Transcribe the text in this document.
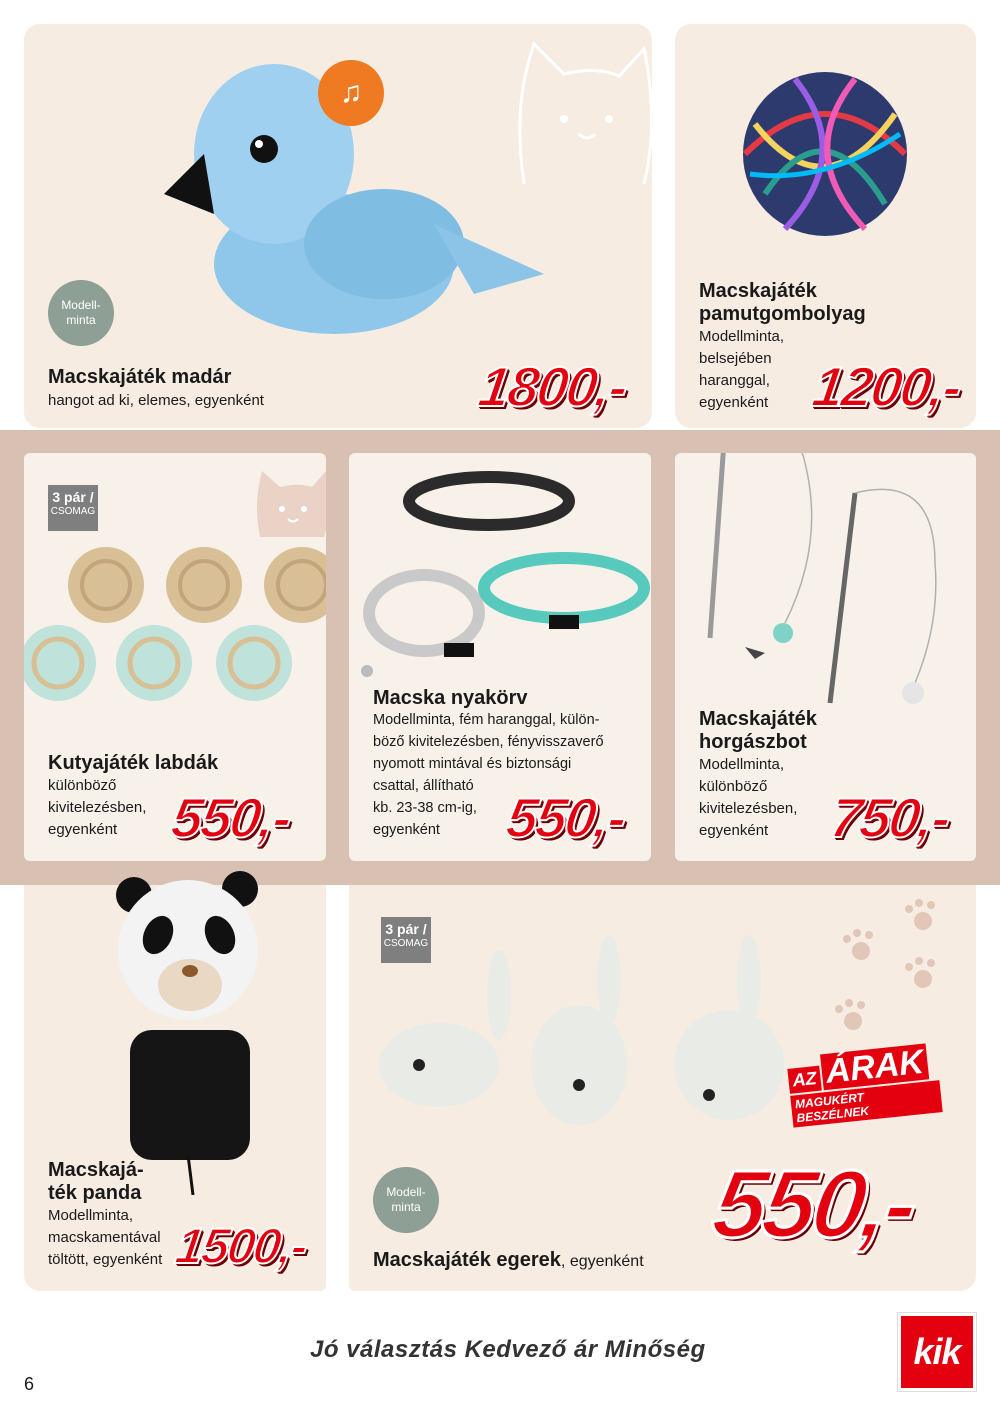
♫
Modell-
minta
Macskajáték madár
hangot ad ki, elemes, egyenként	1800,-
Macskajáték
pamutgombolyag
Modellminta,
belsejében
haranggal,
egyenként 1200,-
3 pár /
CSOMAG
Kutyajáték labdák
különböző
kivitelezésben,
egyenként 550,-
Macska nyakörv
Modellminta, fém haranggal, külön-
böző kivitelezésben, fényvisszaverő
nyomott mintával és biztonsági
csattal, állítható
kb. 23-38 cm-ig,
egyenként	550,-
Macskajáték
horgászbot
Modellminta,
különböző
kivitelezésben,
egyenként	750,-
Macskajá-
ték panda
Modellminta,
macskamentával
töltött, egyenként 1500,-
3 pár /
CSOMAG
Modell-
minta
Macskajáték egerek, egyenként
550,-
AZ ÁRAK
MAGUKÉRT BESZÉLNEK
Jó választás Kedvező ár Minőség
6
kik
